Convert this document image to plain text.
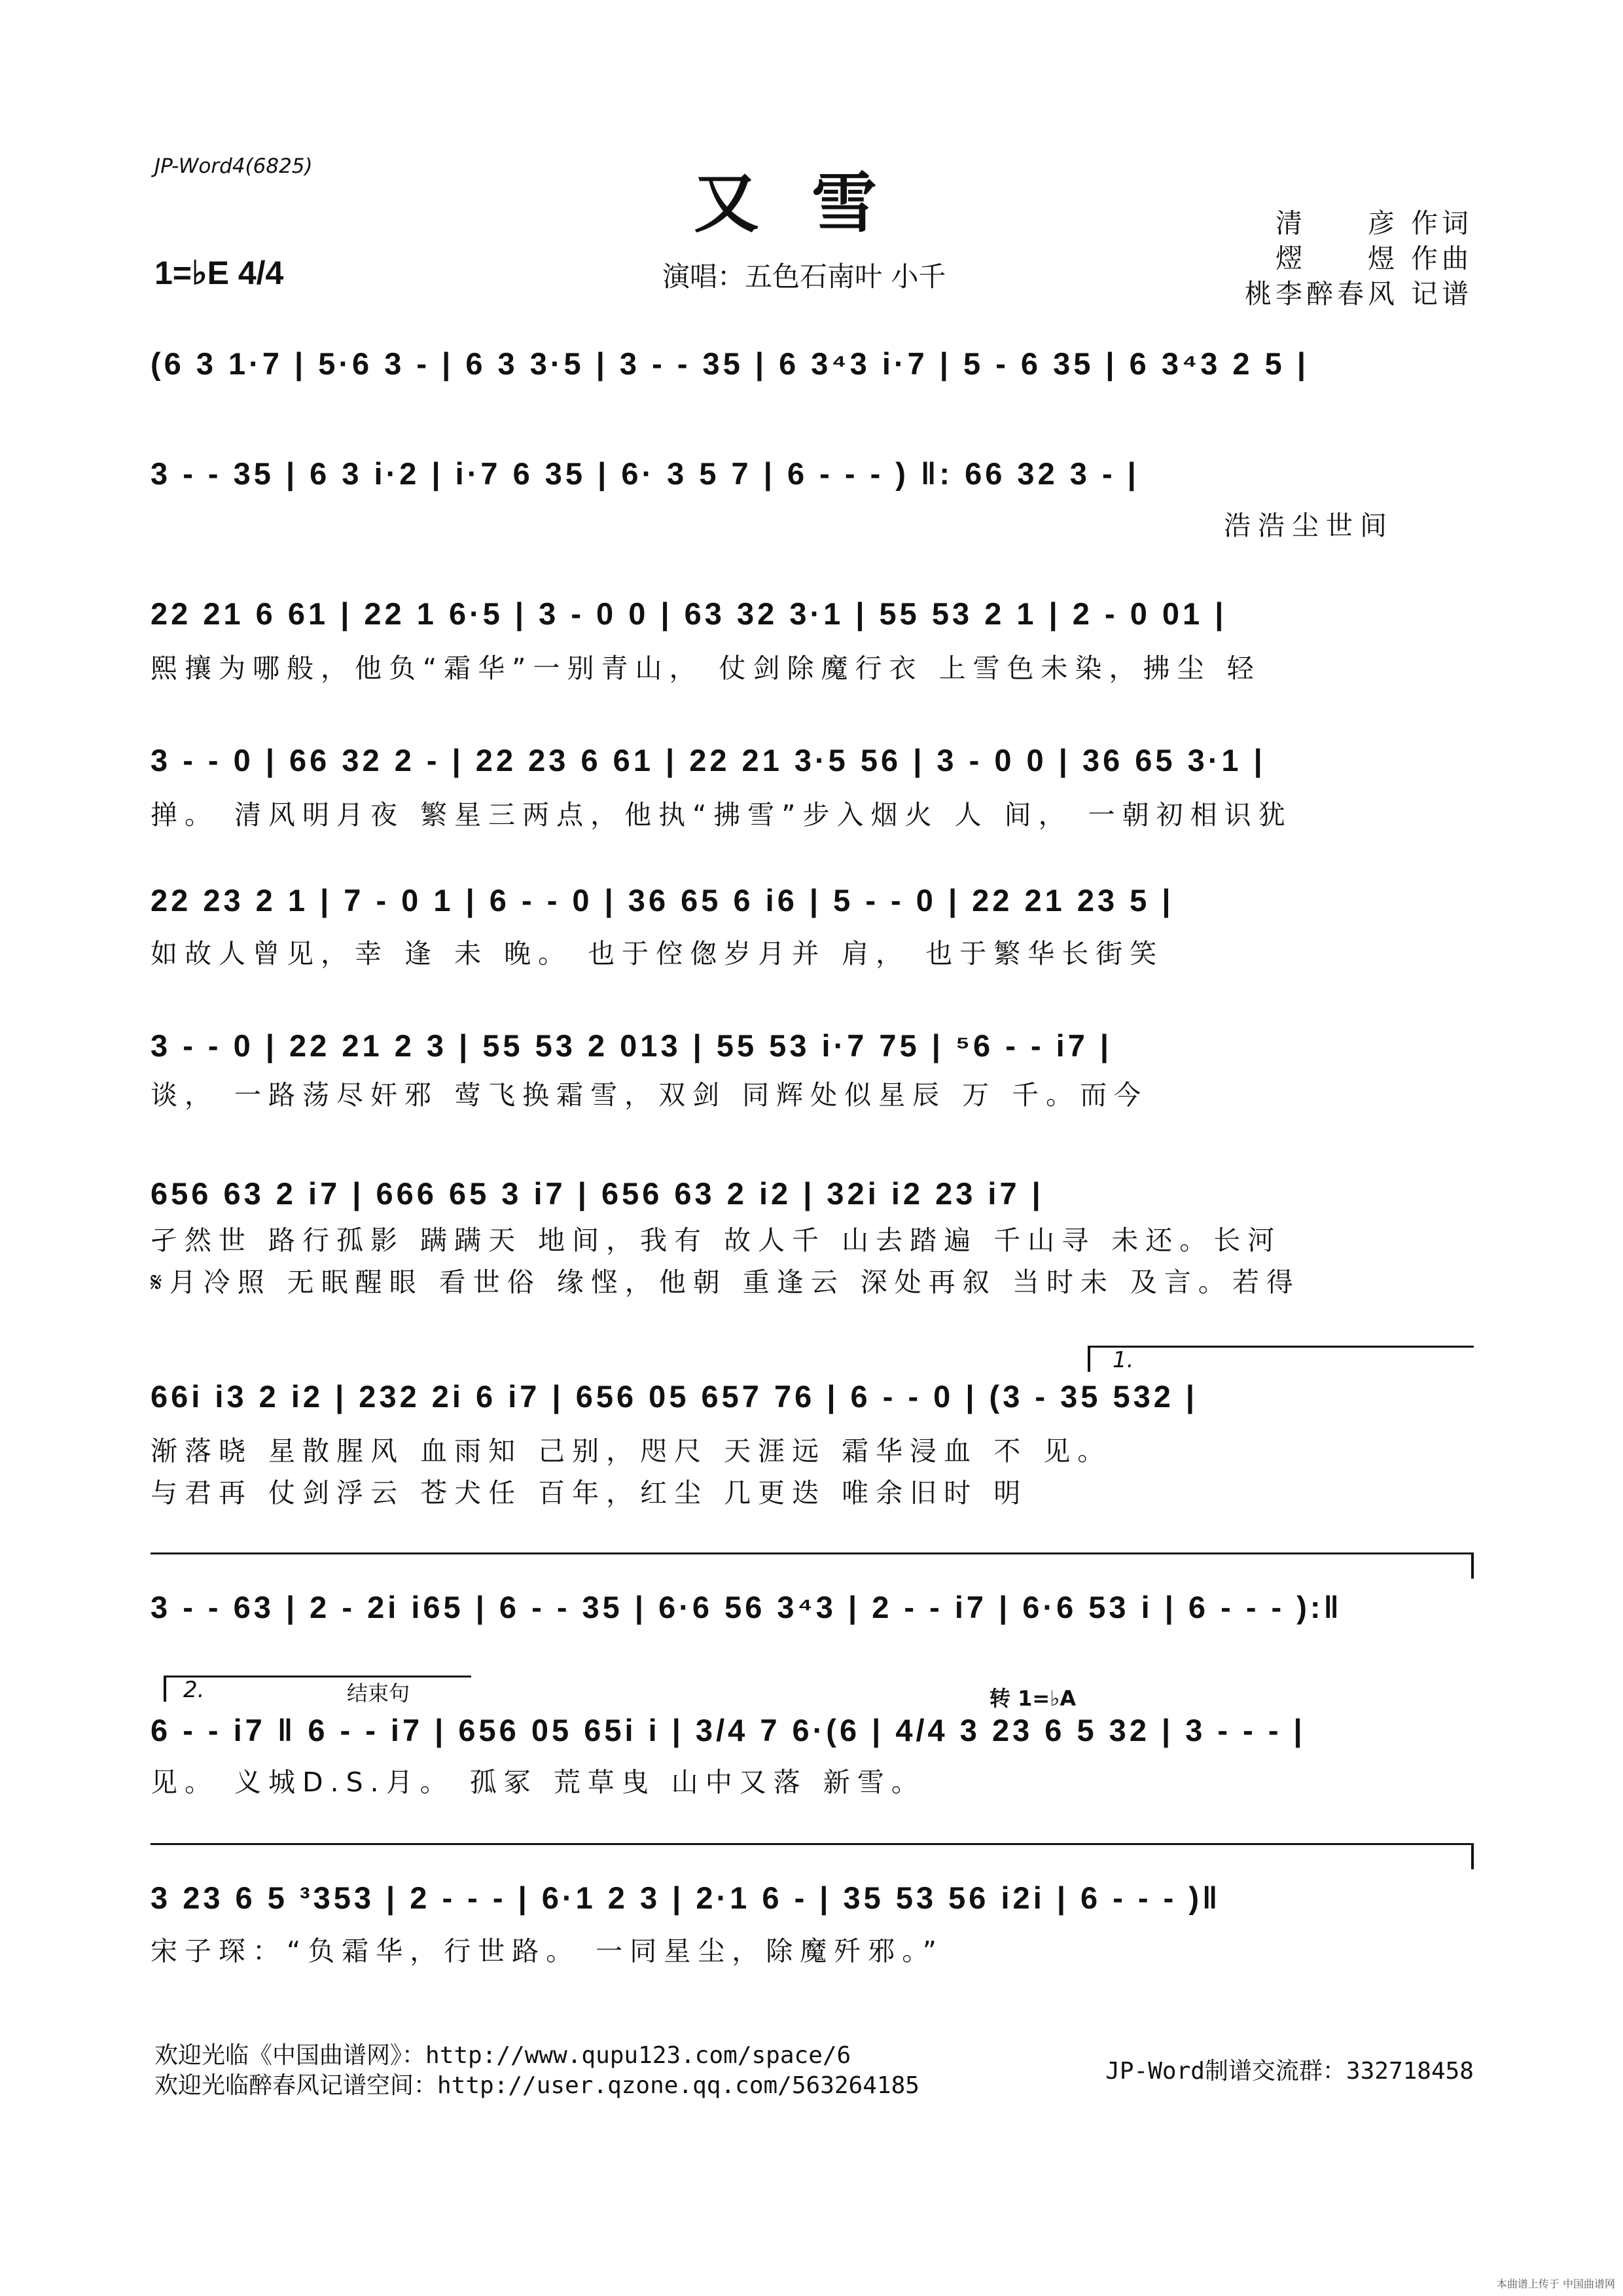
JP-Word4(6825)	又雪
1=♭E 4/4	演唱：五色石南叶 小千
清　　彦 作词
熤　　煜 作曲
桃李醉春风 记谱
(6 3 1·7 | 5·6 3 - | 6 3 3·5 | 3 - - 35 | 6 3⁴3 i·7 | 5 - 6 35 | 6 3⁴3 2 5 |
3 - - 35 | 6 3 i·2 | i·7 6 35 | 6· 3 5 7 | 6 - - - ) ‖: 66 32 3 - |
浩浩尘世间
22 21 6 61 | 22 1 6·5 | 3 - 0 0 | 63 32 3·1 | 55 53 2 1 | 2 - 0 01 |
熙攘为哪般，他负“霜华”一别青山， 仗剑除魔行衣 上雪色未染，拂尘 轻
3 - - 0 | 66 32 2 - | 22 23 6 61 | 22 21 3·5 56 | 3 - 0 0 | 36 65 3·1 |
掸。 清风明月夜 繁星三两点，他执“拂雪”步入烟火 人 间， 一朝初相识犹
22 23 2 1 | 7 - 0 1 | 6 - - 0 | 36 65 6 i6 | 5 - - 0 | 22 21 23 5 |
如故人曾见，幸 逢 未 晚。 也于倥偬岁月并 肩， 也于繁华长街笑
3 - - 0 | 22 21 2 3 | 55 53 2 013 | 55 53 i·7 75 | ⁵6 - - i7 |
谈， 一路荡尽奸邪 莺飞换霜雪，双剑 同辉处似星辰 万 千。而今
656 63 2 i7 | 666 65 3 i7 | 656 63 2 i2 | 32i i2 23 i7 |
孑然世 路行孤影 蹒蹒天 地间，我有 故人千 山去踏遍 千山寻 未还。长河
𝄋月冷照 无眠醒眼 看世俗 缘悭，他朝 重逢云 深处再叙 当时未 及言。若得
1.
66i i3 2 i2 | 232 2i 6 i7 | 656 05 657 76 | 6 - - 0 | (3 - 35 532 |
渐落晓 星散腥风 血雨知 己别，咫尺 天涯远 霜华浸血 不 见。
与君再 仗剑浮云 苍犬任 百年，红尘 几更迭 唯余旧时 明
3 - - 63 | 2 - 2i i65 | 6 - - 35 | 6·6 56 3⁴3 | 2 - - i7 | 6·6 53 i | 6 - - - ):‖
2.	结束句	转 1=♭A
6 - - i7 ‖ 6 - - i7 | 656 05 65i i | 3/4 7 6·(6 | 4/4 3 23 6 5 32 | 3 - - - |
见。 义城D.S.月。 孤冢 荒草曳 山中又落 新雪。
3 23 6 5 ³353 | 2 - - - | 6·1 2 3 | 2·1 6 - | 35 53 56 i2i | 6 - - - )‖
宋子琛：“负霜华，行世路。 一同星尘，除魔歼邪。”
欢迎光临《中国曲谱网》：http://www.qupu123.com/space/6
欢迎光临醉春风记谱空间：http://user.qzone.qq.com/563264185
JP-Word制谱交流群：332718458
本曲谱上传于 中国曲谱网
